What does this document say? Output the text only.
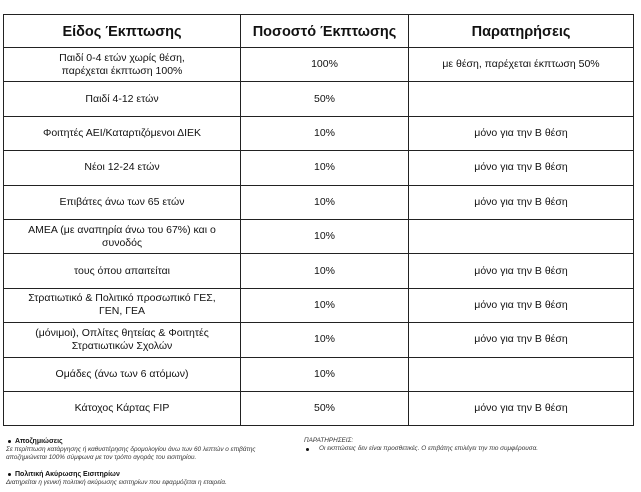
Είδος Έκπτωσης	Ποσοστό Έκπτωσης	Παρατηρήσεις
Παιδί 0-4 ετών χωρίς θέση,
παρέχεται έκπτωση 100%	100%	με θέση, παρέχεται έκπτωση 50%
Παιδί 4-12 ετών	50%	
Φοιτητές ΑΕΙ/Καταρτιζόμενοι ΔΙΕΚ	10%	μόνο για την Β θέση
Νέοι 12-24 ετών	10%	μόνο για την Β θέση
Επιβάτες άνω των 65 ετών	10%	μόνο για την Β θέση
ΑΜΕΑ (με αναπηρία άνω του 67%) και ο
συνοδός	10%	
τους όπου απαιτείται	10%	μόνο για την Β θέση
Στρατιωτικό & Πολιτικό προσωπικό ΓΕΣ,
ΓΕΝ, ΓΕΑ	10%	μόνο για την Β θέση
(μόνιμοι), Οπλίτες θητείας & Φοιτητές
Στρατιωτικών Σχολών	10%	μόνο για την Β θέση
Ομάδες (άνω των 6 ατόμων)	10%	
Κάτοχος Κάρτας FIP	50%	μόνο για την Β θέση
Αποζημιώσεις
Σε περίπτωση κατάργησης ή καθυστέρησης δρομολογίου άνω των 60 λεπτών ο επιβάτης
αποζημιώνεται 100% σύμφωνα με τον τρόπο αγοράς του εισιτηρίου.
Πολιτική Ακύρωσης Εισιτηρίων
Διατηρείται η γενική πολιτική ακύρωσης εισιτηρίων που εφαρμόζεται η εταιρεία.
ΠΑΡΑΤΗΡΗΣΕΙΣ:
Οι εκπτώσεις δεν είναι προσθετικές. Ο επιβάτης επιλέγει την πιο συμφέρουσα.
